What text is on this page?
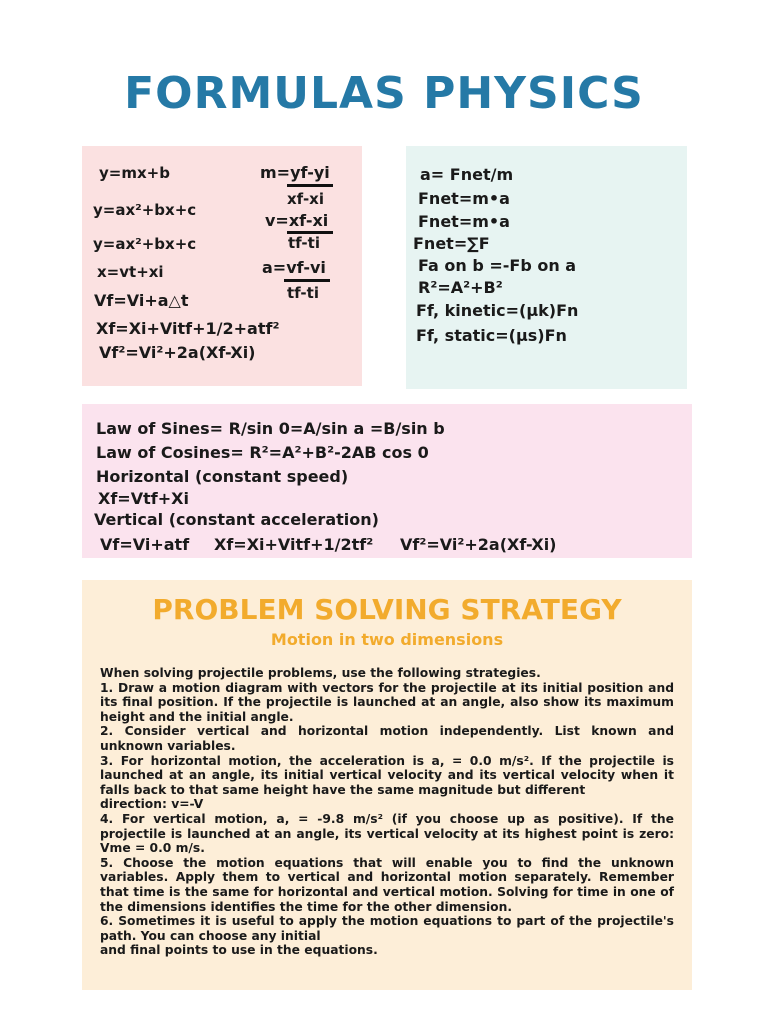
FORMULAS PHYSICS
y=mx+b
y=ax²+bx+c
y=ax²+bx+c
x=vt+xi
Vf=Vi+a△t
m=yf-yi
xf-xi
v=xf-xi
tf-ti
a=vf-vi
tf-ti
Xf=Xi+Vitf+1/2+atf²
Vf²=Vi²+2a(Xf-Xi)
a= Fnet/m
Fnet=m•a
Fnet=m•a
Fnet=∑F
Fa on b =-Fb on a
R²=A²+B²
Ff, kinetic=(μk)Fn
Ff, static=(μs)Fn
Law of Sines= R/sin 0=A/sin a =B/sin b
Law of Cosines= R²=A²+B²-2AB cos 0
Horizontal (constant speed)
Xf=Vtf+Xi
Vertical (constant acceleration)
Vf=Vi+atf Xf=Xi+Vitf+1/2tf² Vf²=Vi²+2a(Xf-Xi)
PROBLEM SOLVING STRATEGY
Motion in two dimensions

When solving projectile problems, use the following strategies.

1. Draw a motion diagram with vectors for the projectile at its initial position and its final position. If the projectile is launched at an angle, also show its maximum height and the initial angle.

2. Consider vertical and horizontal motion independently. List known and unknown variables.

3. For horizontal motion, the acceleration is a, = 0.0 m/s². If the projectile is launched at an angle, its initial vertical velocity and its vertical velocity when it falls back to that same height have the same magnitude but different

direction: v=-V

4. For vertical motion, a, = -9.8 m/s² (if you choose up as positive). If the projectile is launched at an angle, its vertical velocity at its highest point is zero: Vme = 0.0 m/s.

5. Choose the motion equations that will enable you to find the unknown variables. Apply them to vertical and horizontal motion separately. Remember that time is the same for horizontal and vertical motion. Solving for time in one of the dimensions identifies the time for the other dimension.

6. Sometimes it is useful to apply the motion equations to part of the projectile's path. You can choose any initial

and final points to use in the equations.
